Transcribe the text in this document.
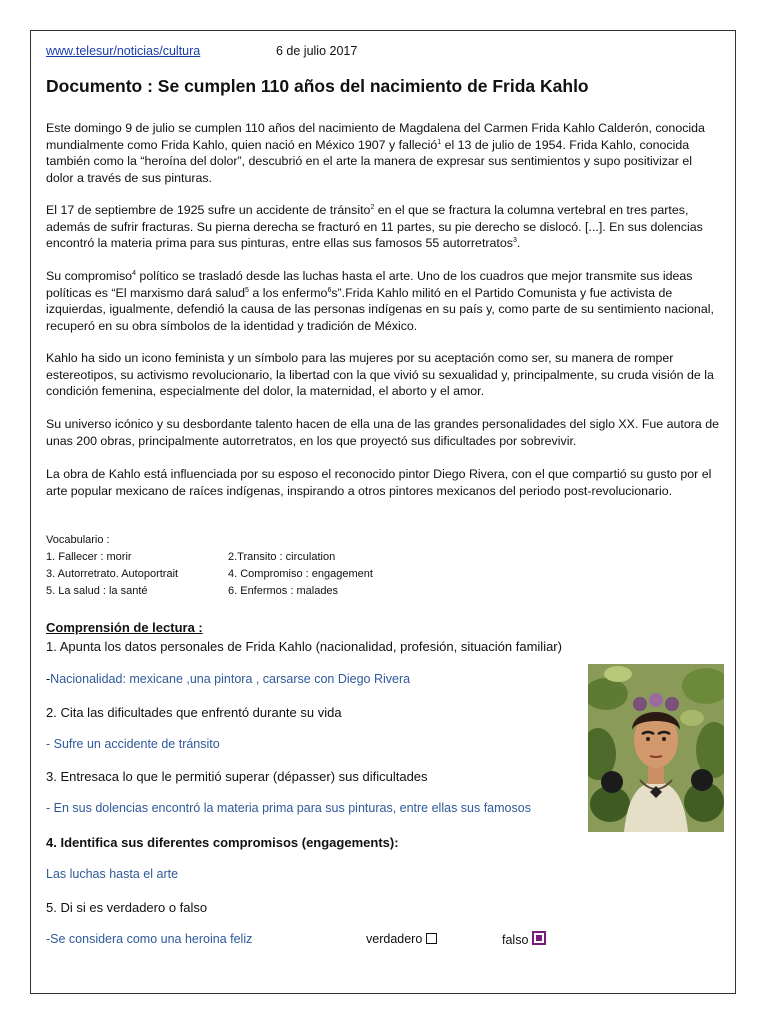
www.telesur/noticias/cultura	6 de julio 2017
Documento : Se cumplen 110 años del nacimiento de Frida Kahlo

Este domingo 9 de julio se cumplen 110 años del nacimiento de Magdalena del Carmen Frida Kahlo Calderón, conocida mundialmente como Frida Kahlo, quien nació en México 1907 y falleció$^1$ el 13 de julio de 1954. Frida Kahlo, conocida también como la “heroína del dolor”, descubrió en el arte la manera de expresar sus sentimientos y supo positivizar el dolor a través de sus pinturas.

El 17 de septiembre de 1925 sufre un accidente de tránsito$^2$ en el que se fractura la columna vertebral en tres partes, además de sufrir fracturas. Su pierna derecha se fracturó en 11 partes, su pie derecho se dislocó. [...]. En sus dolencias encontró la materia prima para sus pinturas, entre ellas sus famosos 55 autorretratos$^3$.

Su compromiso$^4$ político se trasladó desde las luchas hasta el arte. Uno de los cuadros que mejor transmite sus ideas políticas es “El marxismo dará salud$^5$ a los enfermo$^6$s”.Frida Kahlo militó en el Partido Comunista y fue activista de izquierdas, igualmente, defendió la causa de las personas indígenas en su país y, como parte de su sentimiento nacional, recuperó en su obra símbolos de la identidad y tradición de México.

Kahlo ha sido un icono feminista y un símbolo para las mujeres por su aceptación como ser, su manera de romper estereotipos, su activismo revolucionario, la libertad con la que vivió su sexualidad y, principalmente, su cruda visión de la condición femenina, especialmente del dolor, la maternidad, el aborto y el amor.

Su universo icónico y su desbordante talento hacen de ella una de las grandes personalidades del siglo XX. Fue autora de unas 200 obras, principalmente autorretratos, en los que proyectó sus dificultades por sobrevivir.

La obra de Kahlo está influenciada por su esposo el reconocido pintor Diego Rivera, con el que compartió su gusto por el arte popular mexicano de raíces indígenas, inspirando a otros pintores mexicanos del periodo post-revolucionario.

Vocabulario :
1. Fallecer : morir	2.Transito : circulation
3. Autorretrato. Autoportrait	4. Compromiso : engagement
5. La salud : la santé	6. Enfermos : malades
Comprensión de lectura :
1. Apunta los datos personales de Frida Kahlo (nacionalidad, profesión, situación familiar)
-Nacionalidad: mexicane ,una pintora , carsarse con Diego Rivera
2. Cita las dificultades que enfrentó durante su vida
- Sufre un accidente de tránsito
3. Entresaca lo que le permitió superar (dépasser) sus dificultades
- En sus dolencias encontró la materia prima para sus pinturas, entre ellas sus famosos
4. Identifica sus diferentes compromisos (engagements):
Las luchas hasta el arte
5. Di si es verdadero o falso
-Se considera como una heroina feliz	verdadero	falso
